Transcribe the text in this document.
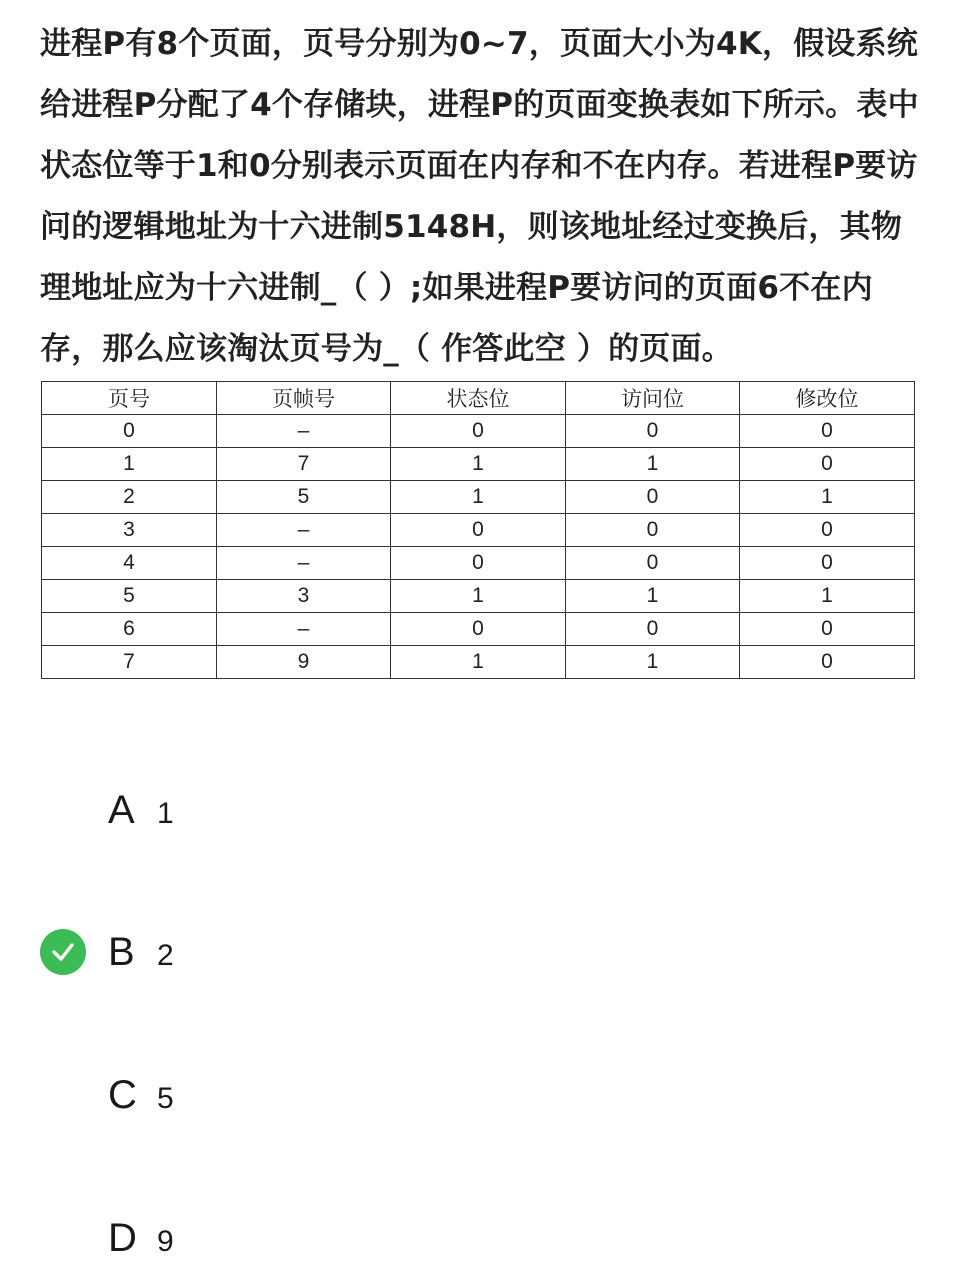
进程P有8个页面，页号分别为0~7，页面大小为4K，假设系统给进程P分配了4个存储块，进程P的页面变换表如下所示。表中状态位等于1和0分别表示页面在内存和不在内存。若进程P要访问的逻辑地址为十六进制5148H，则该地址经过变换后，其物理地址应为十六进制_（ ）;如果进程P要访问的页面6不在内存，那么应该淘汰页号为_（ 作答此空 ）的页面。

页号	页帧号	状态位	访问位	修改位
0	–	0	0	0
1	7	1	1	0
2	5	1	0	1
3	–	0	0	0
4	–	0	0	0
5	3	1	1	1
6	–	0	0	0
7	9	1	1	0
A 1
B 2
C 5
D 9
